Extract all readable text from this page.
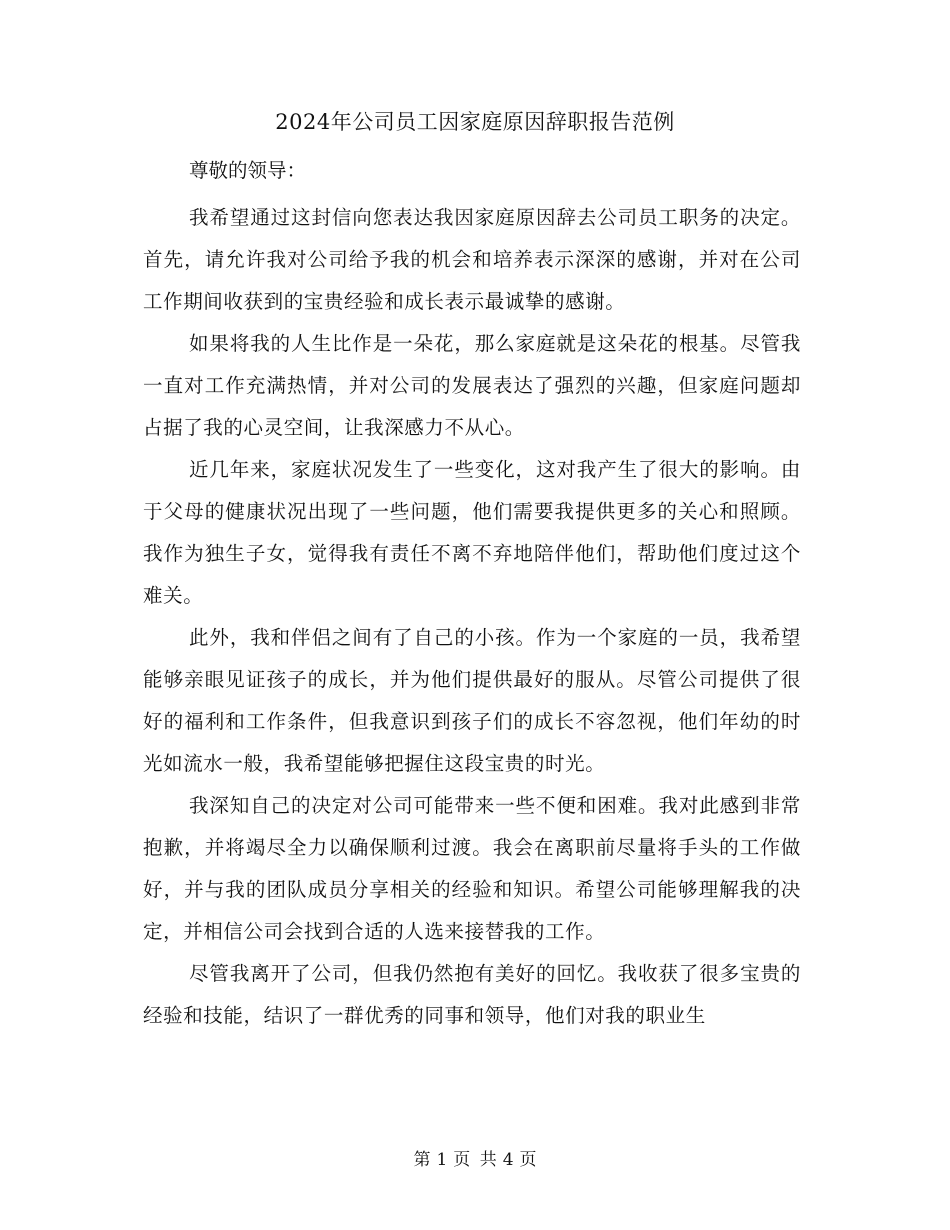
2024年公司员工因家庭原因辞职报告范例
尊敬的领导：

我希望通过这封信向您表达我因家庭原因辞去公司员工职务的决定。首先，请允许我对公司给予我的机会和培养表示深深的感谢，并对在公司工作期间收获到的宝贵经验和成长表示最诚挚的感谢。

如果将我的人生比作是一朵花，那么家庭就是这朵花的根基。尽管我一直对工作充满热情，并对公司的发展表达了强烈的兴趣，但家庭问题却占据了我的心灵空间，让我深感力不从心。

近几年来，家庭状况发生了一些变化，这对我产生了很大的影响。由于父母的健康状况出现了一些问题，他们需要我提供更多的关心和照顾。我作为独生子女，觉得我有责任不离不弃地陪伴他们，帮助他们度过这个难关。

此外，我和伴侣之间有了自己的小孩。作为一个家庭的一员，我希望能够亲眼见证孩子的成长，并为他们提供最好的服从。尽管公司提供了很好的福利和工作条件，但我意识到孩子们的成长不容忽视，他们年幼的时光如流水一般，我希望能够把握住这段宝贵的时光。

我深知自己的决定对公司可能带来一些不便和困难。我对此感到非常抱歉，并将竭尽全力以确保顺利过渡。我会在离职前尽量将手头的工作做好，并与我的团队成员分享相关的经验和知识。希望公司能够理解我的决定，并相信公司会找到合适的人选来接替我的工作。

尽管我离开了公司，但我仍然抱有美好的回忆。我收获了很多宝贵的经验和技能，结识了一群优秀的同事和领导，他们对我的职业生

第 1 页 共 4 页
